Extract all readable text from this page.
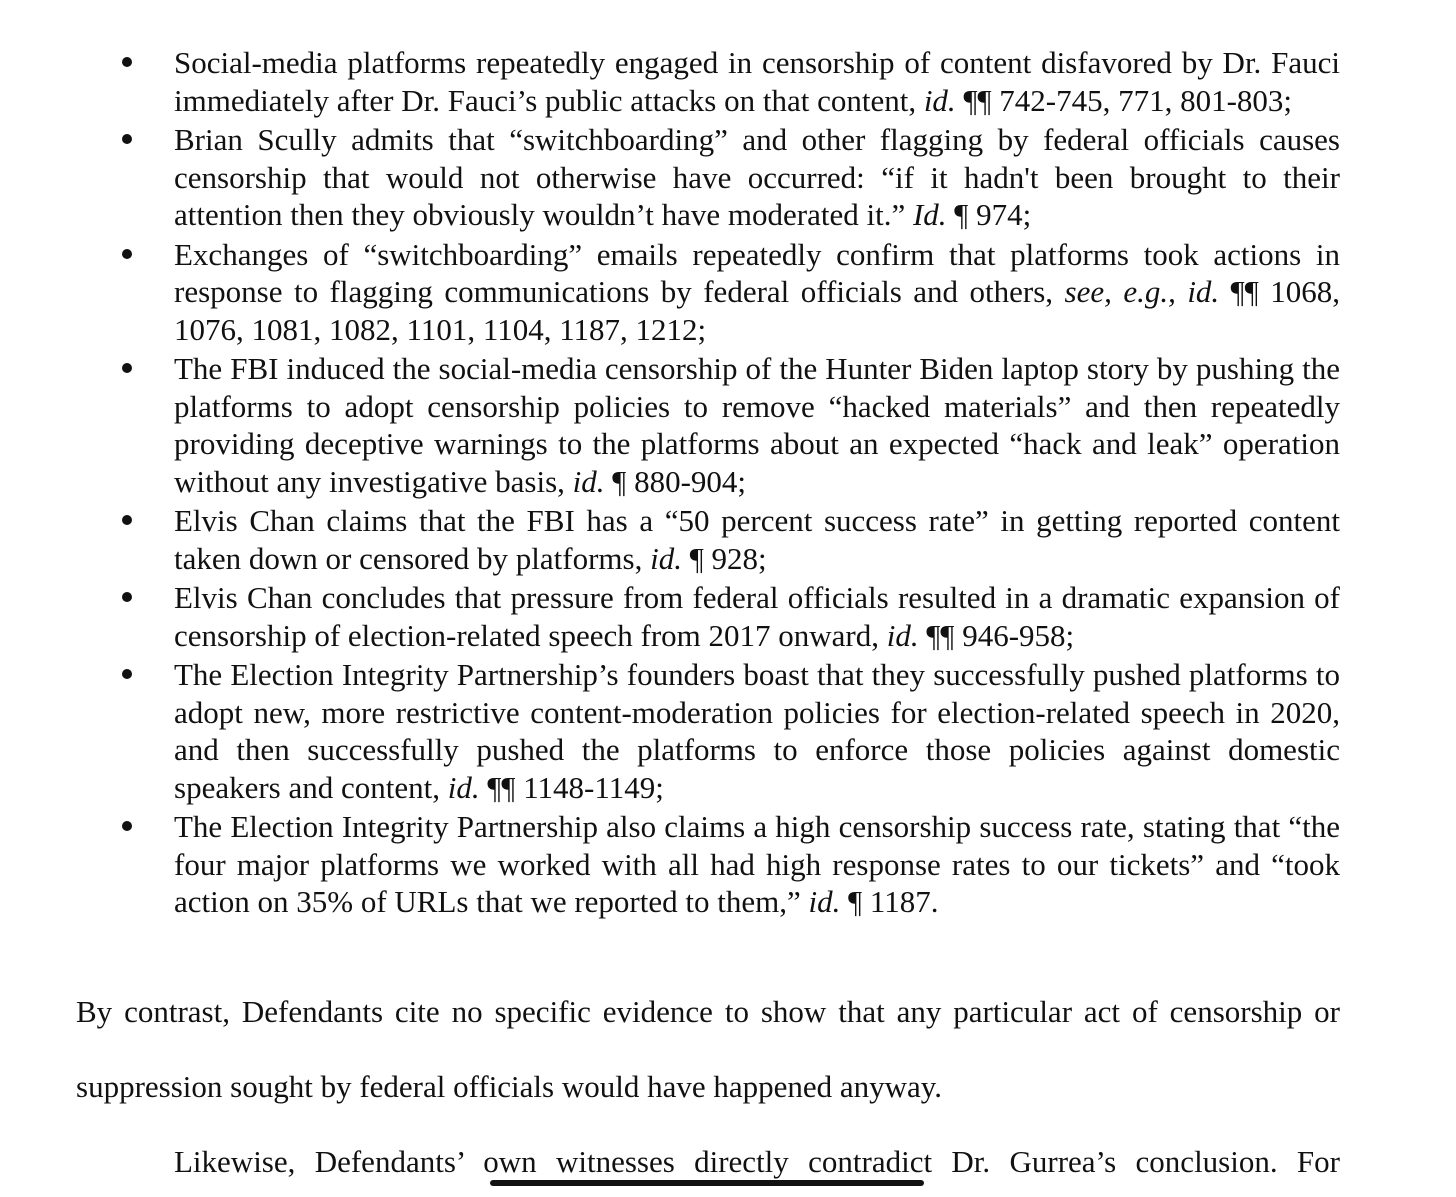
Social-media platforms repeatedly engaged in censorship of content disfavored by Dr. Fauci immediately after Dr. Fauci’s public attacks on that content, id. ¶¶ 742-745, 771, 801-803;
Brian Scully admits that “switchboarding” and other flagging by federal officials causes censorship that would not otherwise have occurred: “if it hadn't been brought to their attention then they obviously wouldn’t have moderated it.” Id. ¶ 974;
Exchanges of “switchboarding” emails repeatedly confirm that platforms took actions in response to flagging communications by federal officials and others, see, e.g., id. ¶¶ 1068, 1076, 1081, 1082, 1101, 1104, 1187, 1212;
The FBI induced the social-media censorship of the Hunter Biden laptop story by pushing the platforms to adopt censorship policies to remove “hacked materials” and then repeatedly providing deceptive warnings to the platforms about an expected “hack and leak” operation without any investigative basis, id. ¶ 880-904;
Elvis Chan claims that the FBI has a “50 percent success rate” in getting reported content taken down or censored by platforms, id. ¶ 928;
Elvis Chan concludes that pressure from federal officials resulted in a dramatic expansion of censorship of election-related speech from 2017 onward, id. ¶¶ 946-958;
The Election Integrity Partnership’s founders boast that they successfully pushed platforms to adopt new, more restrictive content-moderation policies for election-related speech in 2020, and then successfully pushed the platforms to enforce those policies against domestic speakers and content, id. ¶¶ 1148-1149;
The Election Integrity Partnership also claims a high censorship success rate, stating that “the four major platforms we worked with all had high response rates to our tickets” and “took action on 35% of URLs that we reported to them,” id. ¶ 1187.
By contrast, Defendants cite no specific evidence to show that any particular act of censorship or
suppression sought by federal officials would have happened anyway.
Likewise, Defendants’ own witnesses directly contradict Dr. Gurrea’s conclusion. For
